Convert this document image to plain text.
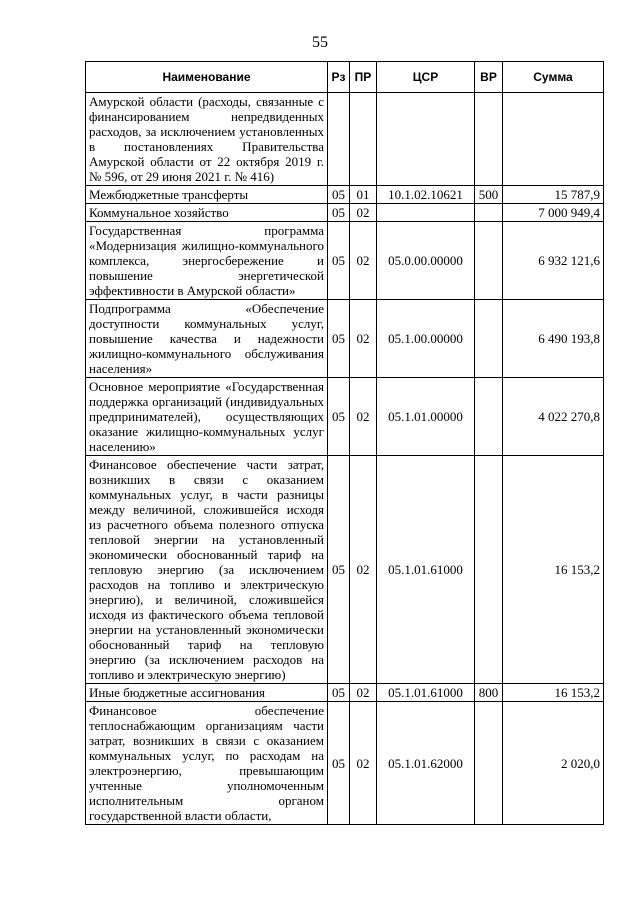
55
Наименование	Рз	ПР	ЦСР	ВР	Сумма
Амурской области (расходы, связанные с финансированием непредвиденных расходов, за исключением установленных в постановлениях Правительства Амурской области от 22 октября 2019 г. № 596, от 29 июня 2021 г. № 416)					
Межбюджетные трансферты	05	01	10.1.02.10621	500	15 787,9
Коммунальное хозяйство	05	02			7 000 949,4
Государственная программа «Модернизация жилищно-коммунального комплекса, энергосбережение и повышение энергетической эффективности в Амурской области»	05	02	05.0.00.00000		6 932 121,6
Подпрограмма «Обеспечение доступности коммунальных услуг, повышение качества и надежности жилищно-коммунального обслуживания населения»	05	02	05.1.00.00000		6 490 193,8
Основное мероприятие «Государственная поддержка организаций (индивидуальных предпринимателей), осуществляющих оказание жилищно-коммунальных услуг населению»	05	02	05.1.01.00000		4 022 270,8
Финансовое обеспечение части затрат, возникших в связи с оказанием коммунальных услуг, в части разницы между величиной, сложившейся исходя из расчетного объема полезного отпуска тепловой энергии на установленный экономически обоснованный тариф на тепловую энергию (за исключением расходов на топливо и электрическую энергию), и величиной, сложившейся исходя из фактического объема тепловой энергии на установленный экономически обоснованный тариф на тепловую энергию (за исключением расходов на топливо и электрическую энергию)	05	02	05.1.01.61000		16 153,2
Иные бюджетные ассигнования	05	02	05.1.01.61000	800	16 153,2
Финансовое обеспечение теплоснабжающим организациям части затрат, возникших в связи с оказанием коммунальных услуг, по расходам на электроэнергию, превышающим учтенные уполномоченным исполнительным органом государственной власти области,	05	02	05.1.01.62000		2 020,0
